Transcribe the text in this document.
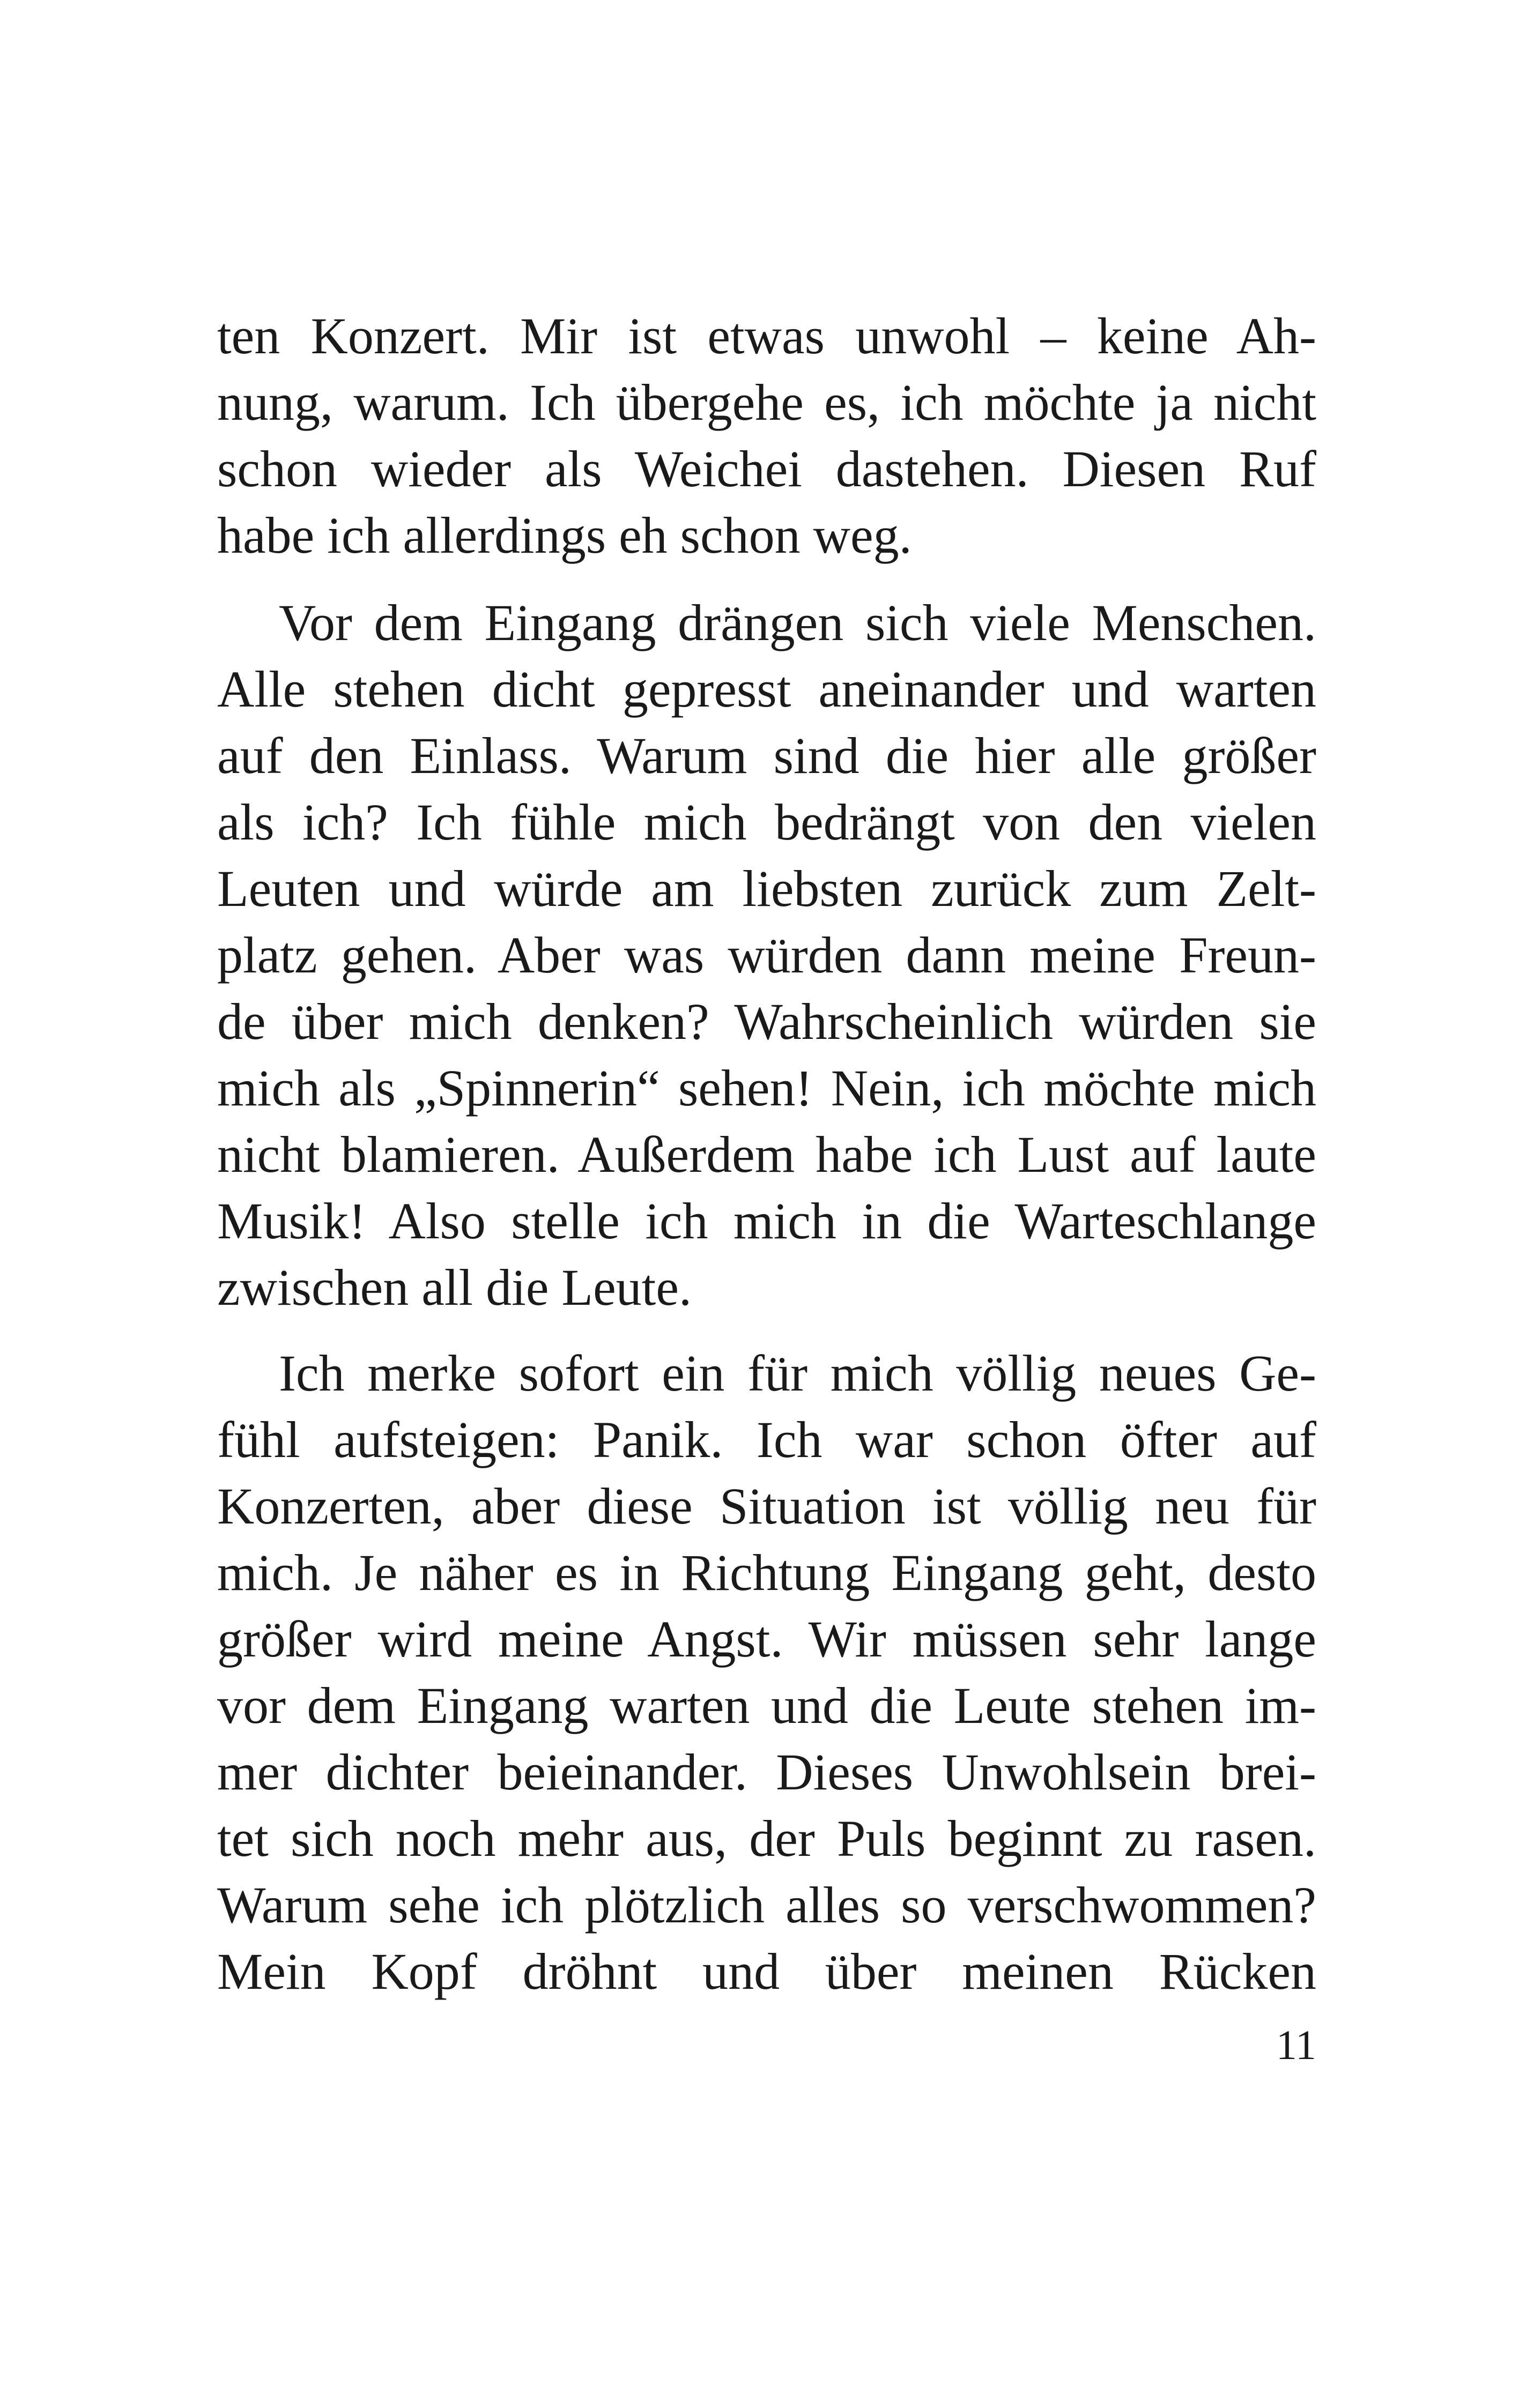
ten Konzert. Mir ist etwas unwohl – keine Ah-
nung, warum. Ich übergehe es, ich möchte ja nicht
schon wieder als Weichei dastehen. Diesen Ruf
habe ich allerdings eh schon weg.
Vor dem Eingang drängen sich viele Menschen.
Alle stehen dicht gepresst aneinander und warten
auf den Einlass. Warum sind die hier alle größer
als ich? Ich fühle mich bedrängt von den vielen
Leuten und würde am liebsten zurück zum Zelt-
platz gehen. Aber was würden dann meine Freun-
de über mich denken? Wahrscheinlich würden sie
mich als „Spinnerin“ sehen! Nein, ich möchte mich
nicht blamieren. Außerdem habe ich Lust auf laute
Musik! Also stelle ich mich in die Warteschlange
zwischen all die Leute.
Ich merke sofort ein für mich völlig neues Ge-
fühl aufsteigen: Panik. Ich war schon öfter auf
Konzerten, aber diese Situation ist völlig neu für
mich. Je näher es in Richtung Eingang geht, desto
größer wird meine Angst. Wir müssen sehr lange
vor dem Eingang warten und die Leute stehen im-
mer dichter beieinander. Dieses Unwohlsein brei-
tet sich noch mehr aus, der Puls beginnt zu rasen.
Warum sehe ich plötzlich alles so verschwommen?
Mein Kopf dröhnt und über meinen Rücken
11
